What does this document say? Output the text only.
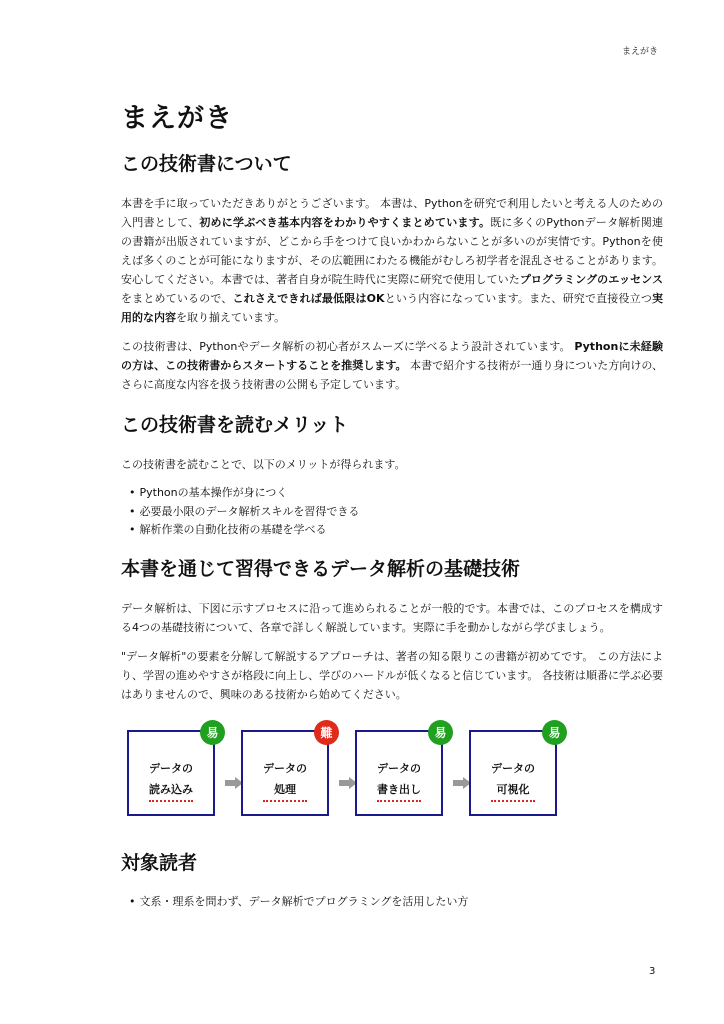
まえがき
まえがき
この技術書について

本書を手に取っていただきありがとうございます。 本書は、Pythonを研究で利用したいと考える人のための入門書として、初めに学ぶべき基本内容をわかりやすくまとめています。既に多くのPythonデータ解析関連の書籍が出版されていますが、どこから手をつけて良いかわからないことが多いのが実情です。Pythonを使えば多くのことが可能になりますが、その広範囲にわたる機能がむしろ初学者を混乱させることがあります。 安心してください。本書では、著者自身が院生時代に実際に研究で使用していたプログラミングのエッセンスをまとめているので、これさえできれば最低限はOKという内容になっています。また、研究で直接役立つ実用的な内容を取り揃えています。

この技術書は、Pythonやデータ解析の初心者がスムーズに学べるよう設計されています。 Pythonに未経験の方は、この技術書からスタートすることを推奨します。 本書で紹介する技術が一通り身についた方向けの、さらに高度な内容を扱う技術書の公開も予定しています。

この技術書を読むメリット

この技術書を読むことで、以下のメリットが得られます。

• Pythonの基本操作が身につく
• 必要最小限のデータ解析スキルを習得できる
• 解析作業の自動化技術の基礎を学べる
本書を通じて習得できるデータ解析の基礎技術

データ解析は、下図に示すプロセスに沿って進められることが一般的です。本書では、このプロセスを構成する4つの基礎技術について、各章で詳しく解説しています。実際に手を動かしながら学びましょう。

"データ解析"の要素を分解して解説するアプローチは、著者の知る限りこの書籍が初めてです。 この方法により、学習の進めやすさが格段に向上し、学びのハードルが低くなると信じています。 各技術は順番に学ぶ必要はありませんので、興味のある技術から始めてください。

データの
読み込み
易
データの
処理
難
データの
書き出し
易
データの
可視化
易
対象読者
• 文系・理系を問わず、データ解析でプログラミングを活用したい方
3
